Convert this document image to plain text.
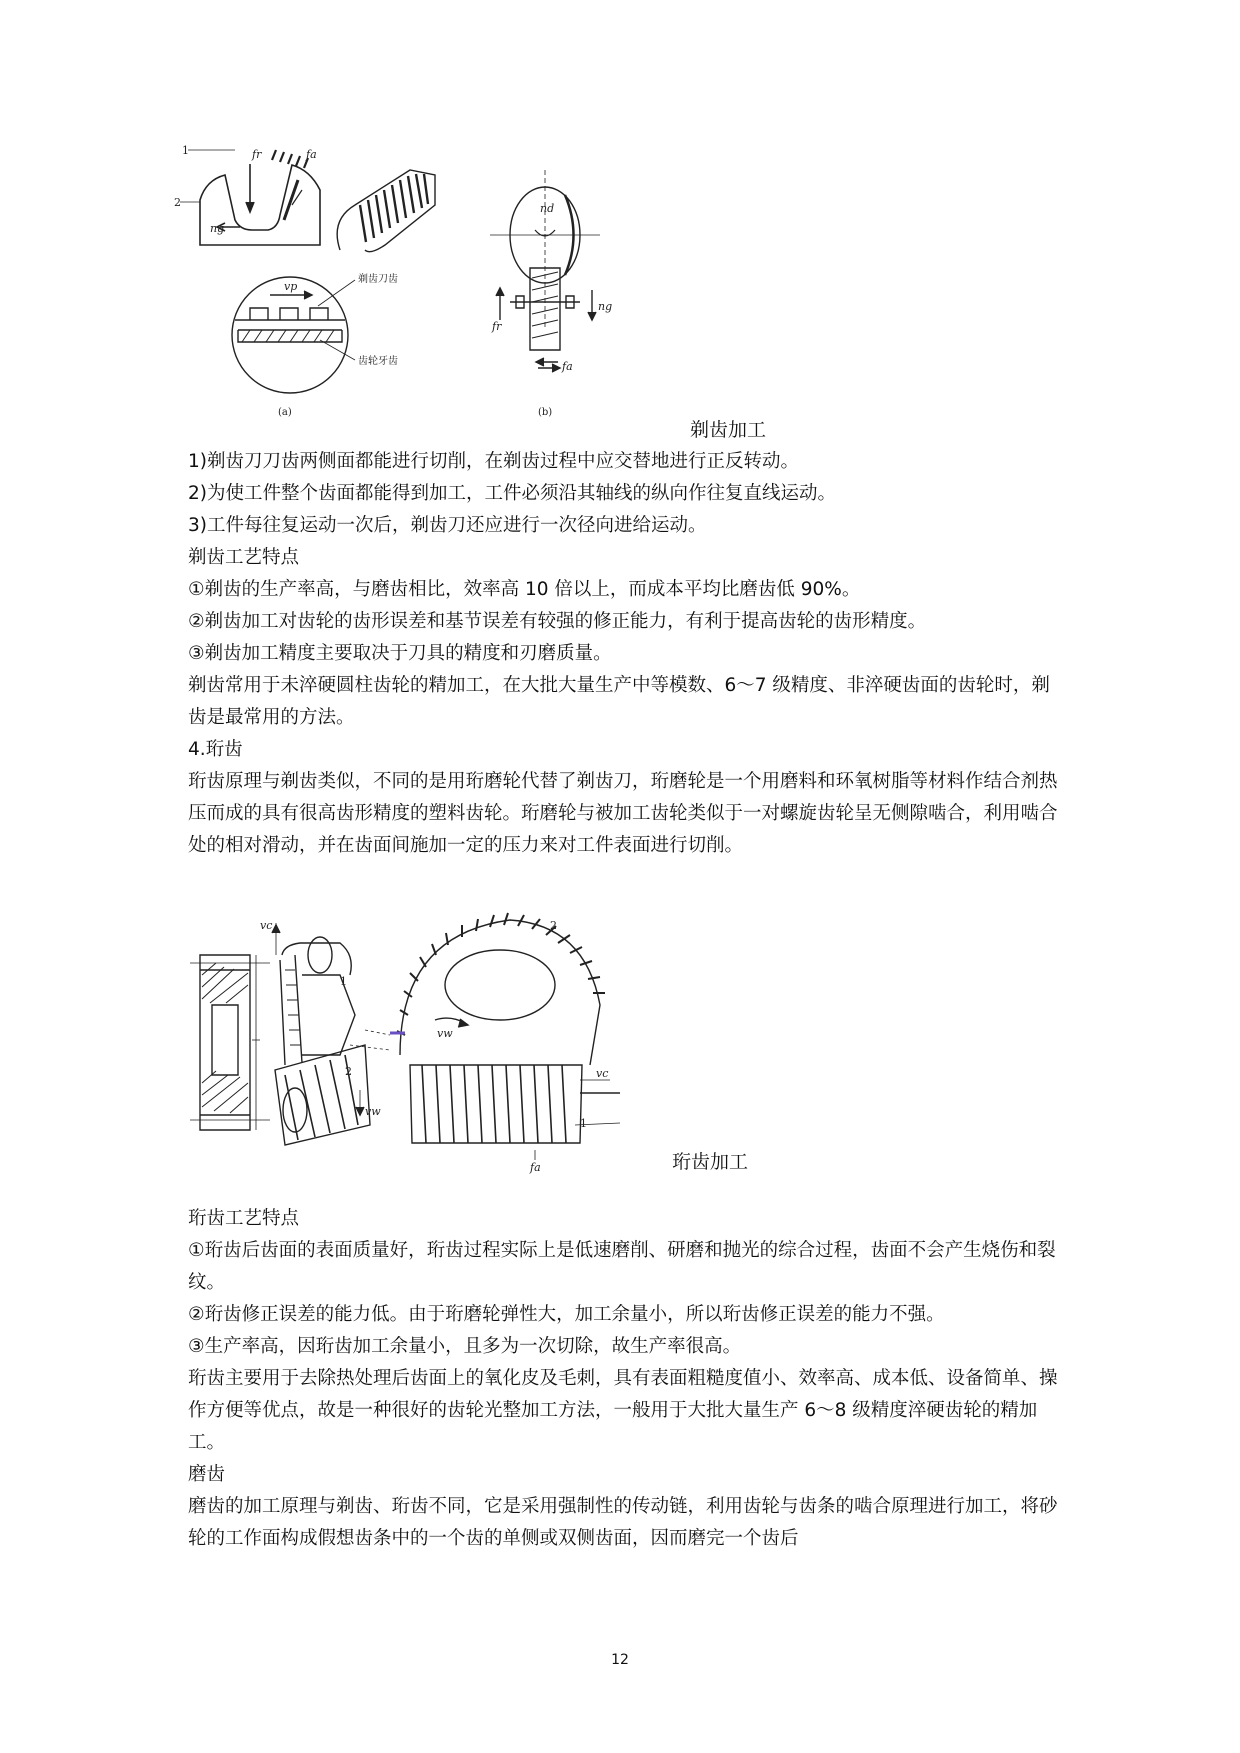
1
2
fr	fa
ng
vp
剃齿刀齿
齿轮牙齿
(a)
nd
ng
fr
fa
(b)
剃齿加工

1)剃齿刀刀齿两侧面都能进行切削，在剃齿过程中应交替地进行正反转动。

2)为使工件整个齿面都能得到加工，工件必须沿其轴线的纵向作往复直线运动。

3)工件每往复运动一次后，剃齿刀还应进行一次径向进给运动。

剃齿工艺特点

①剃齿的生产率高，与磨齿相比，效率高 10 倍以上，而成本平均比磨齿低 90%。

②剃齿加工对齿轮的齿形误差和基节误差有较强的修正能力，有利于提高齿轮的齿形精度。

③剃齿加工精度主要取决于刀具的精度和刃磨质量。

剃齿常用于未淬硬圆柱齿轮的精加工，在大批大量生产中等模数、6～7 级精度、非淬硬齿面的齿轮时，剃齿是最常用的方法。

4.珩齿

珩齿原理与剃齿类似，不同的是用珩磨轮代替了剃齿刀，珩磨轮是一个用磨料和环氧树脂等材料作结合剂热压而成的具有很高齿形精度的塑料齿轮。珩磨轮与被加工齿轮类似于一对螺旋齿轮呈无侧隙啮合，利用啮合处的相对滑动，并在齿面间施加一定的压力来对工件表面进行切削。

vc
1
2
vw
vw
vc
2
1
fa	珩齿加工

珩齿工艺特点

①珩齿后齿面的表面质量好，珩齿过程实际上是低速磨削、研磨和抛光的综合过程，齿面不会产生烧伤和裂纹。

②珩齿修正误差的能力低。由于珩磨轮弹性大，加工余量小，所以珩齿修正误差的能力不强。

③生产率高，因珩齿加工余量小，且多为一次切除，故生产率很高。

珩齿主要用于去除热处理后齿面上的氧化皮及毛刺，具有表面粗糙度值小、效率高、成本低、设备简单、操作方便等优点，故是一种很好的齿轮光整加工方法，一般用于大批大量生产 6～8 级精度淬硬齿轮的精加工。

磨齿

磨齿的加工原理与剃齿、珩齿不同，它是采用强制性的传动链，利用齿轮与齿条的啮合原理进行加工，将砂轮的工作面构成假想齿条中的一个齿的单侧或双侧齿面，因而磨完一个齿后

12
